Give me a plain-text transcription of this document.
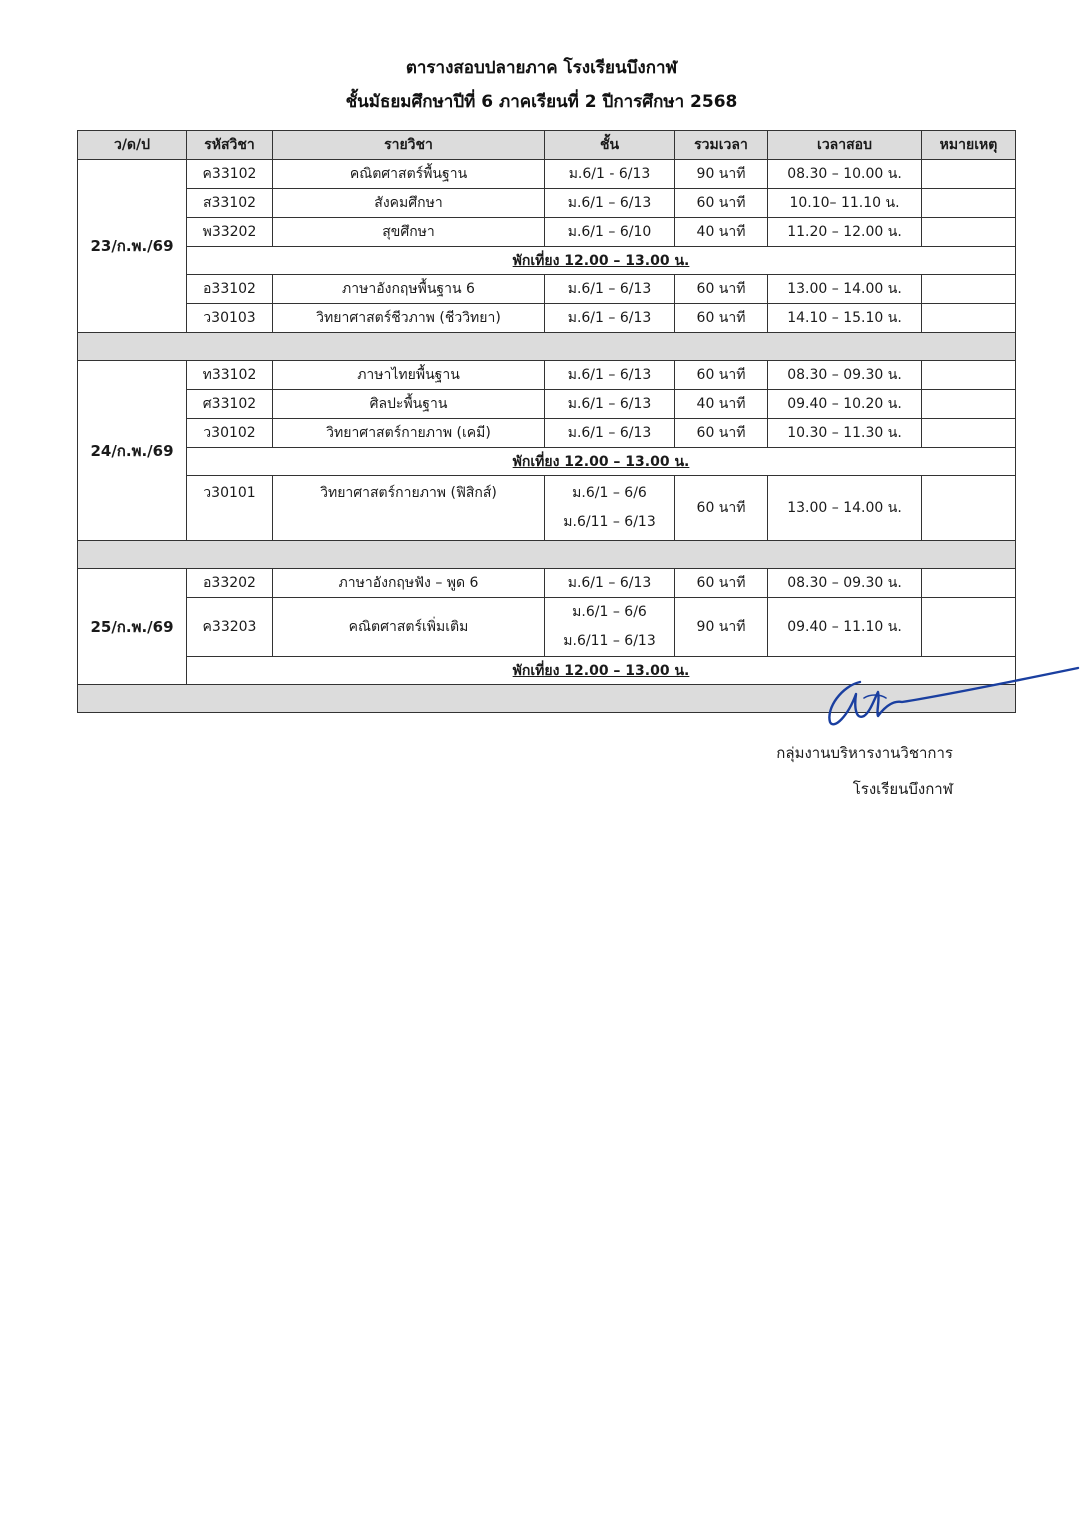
ตารางสอบปลายภาค โรงเรียนบึงกาฬ
ชั้นมัธยมศึกษาปีที่ 6 ภาคเรียนที่ 2 ปีการศึกษา 2568
ว/ด/ป	รหัสวิชา	รายวิชา	ชั้น	รวมเวลา	เวลาสอบ	หมายเหตุ
23/ก.พ./69	ค33102	คณิตศาสตร์พื้นฐาน	ม.6/1 - 6/13	90 นาที	08.30 – 10.00 น.	
	ส33102	สังคมศึกษา	ม.6/1 – 6/13	60 นาที	10.10– 11.10 น.	
	พ33202	สุขศึกษา	ม.6/1 – 6/10	40 นาที	11.20 – 12.00 น.	
	พักเที่ยง 12.00 – 13.00 น.					
	อ33102	ภาษาอังกฤษพื้นฐาน 6	ม.6/1 – 6/13	60 นาที	13.00 – 14.00 น.	
	ว30103	วิทยาศาสตร์ชีวภาพ (ชีววิทยา)	ม.6/1 – 6/13	60 นาที	14.10 – 15.10 น.	

24/ก.พ./69	ท33102	ภาษาไทยพื้นฐาน	ม.6/1 – 6/13	60 นาที	08.30 – 09.30 น.	
	ศ33102	ศิลปะพื้นฐาน	ม.6/1 – 6/13	40 นาที	09.40 – 10.20 น.	
	ว30102	วิทยาศาสตร์กายภาพ (เคมี)	ม.6/1 – 6/13	60 นาที	10.30 – 11.30 น.	
	พักเที่ยง 12.00 – 13.00 น.					
	ว30101	วิทยาศาสตร์กายภาพ (ฟิสิกส์)	ม.6/1 – 6/6
ม.6/11 – 6/13	60 นาที	13.00 – 14.00 น.	

25/ก.พ./69	อ33202	ภาษาอังกฤษฟัง – พูด 6	ม.6/1 – 6/13	60 นาที	08.30 – 09.30 น.	
	ค33203	คณิตศาสตร์เพิ่มเติม	ม.6/1 – 6/6
ม.6/11 – 6/13	90 นาที	09.40 – 11.10 น.	
	พักเที่ยง 12.00 – 13.00 น.					

กลุ่มงานบริหารงานวิชาการ
โรงเรียนบึงกาฬ
